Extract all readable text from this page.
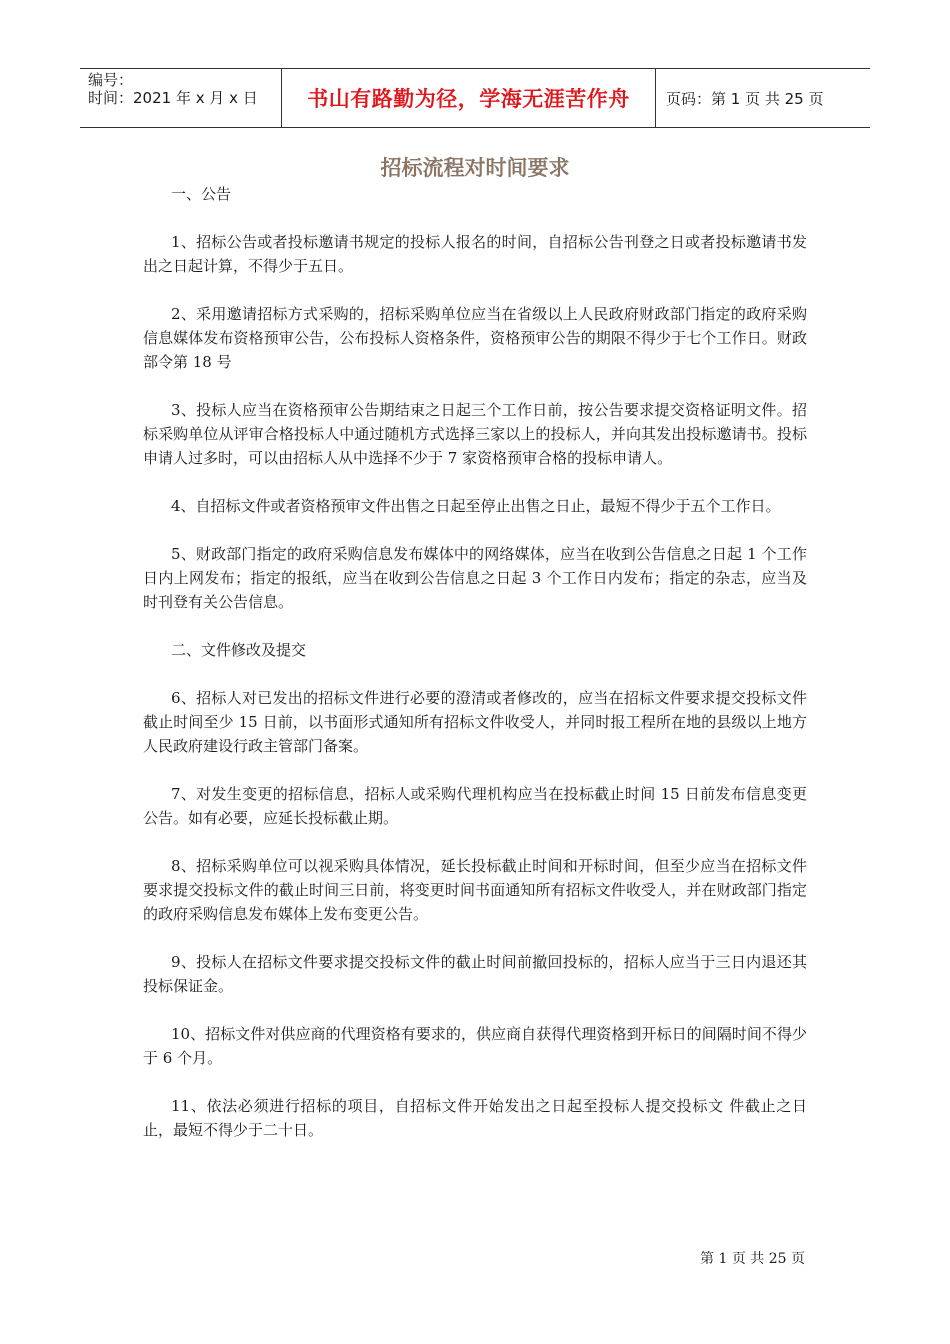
编号：
时间：2021 年 x 月 x 日	书山有路勤为径，学海无涯苦作舟	页码：第 1 页 共 25 页
招标流程对时间要求

一、公告

1、招标公告或者投标邀请书规定的投标人报名的时间，自招标公告刊登之日或者投标邀请书发出之日起计算，不得少于五日。

2、采用邀请招标方式采购的，招标采购单位应当在省级以上人民政府财政部门指定的政府采购信息媒体发布资格预审公告，公布投标人资格条件，资格预审公告的期限不得少于七个工作日。财政部令第 18 号

3、投标人应当在资格预审公告期结束之日起三个工作日前，按公告要求提交资格证明文件。招标采购单位从评审合格投标人中通过随机方式选择三家以上的投标人，并向其发出投标邀请书。投标申请人过多时，可以由招标人从中选择不少于 7 家资格预审合格的投标申请人。

4、自招标文件或者资格预审文件出售之日起至停止出售之日止，最短不得少于五个工作日。

5、财政部门指定的政府采购信息发布媒体中的网络媒体，应当在收到公告信息之日起 1 个工作日内上网发布；指定的报纸，应当在收到公告信息之日起 3 个工作日内发布；指定的杂志，应当及时刊登有关公告信息。

二、文件修改及提交

6、招标人对已发出的招标文件进行必要的澄清或者修改的，应当在招标文件要求提交投标文件截止时间至少 15 日前，以书面形式通知所有招标文件收受人，并同时报工程所在地的县级以上地方人民政府建设行政主管部门备案。

7、对发生变更的招标信息，招标人或采购代理机构应当在投标截止时间 15 日前发布信息变更公告。如有必要，应延长投标截止期。

8、招标采购单位可以视采购具体情况，延长投标截止时间和开标时间，但至少应当在招标文件要求提交投标文件的截止时间三日前，将变更时间书面通知所有招标文件收受人，并在财政部门指定的政府采购信息发布媒体上发布变更公告。

9、投标人在招标文件要求提交投标文件的截止时间前撤回投标的，招标人应当于三日内退还其投标保证金。

10、招标文件对供应商的代理资格有要求的，供应商自获得代理资格到开标日的间隔时间不得少于 6 个月。

11、依法必须进行招标的项目，自招标文件开始发出之日起至投标人提交投标文 件截止之日止，最短不得少于二十日。

第 1 页 共 25 页
